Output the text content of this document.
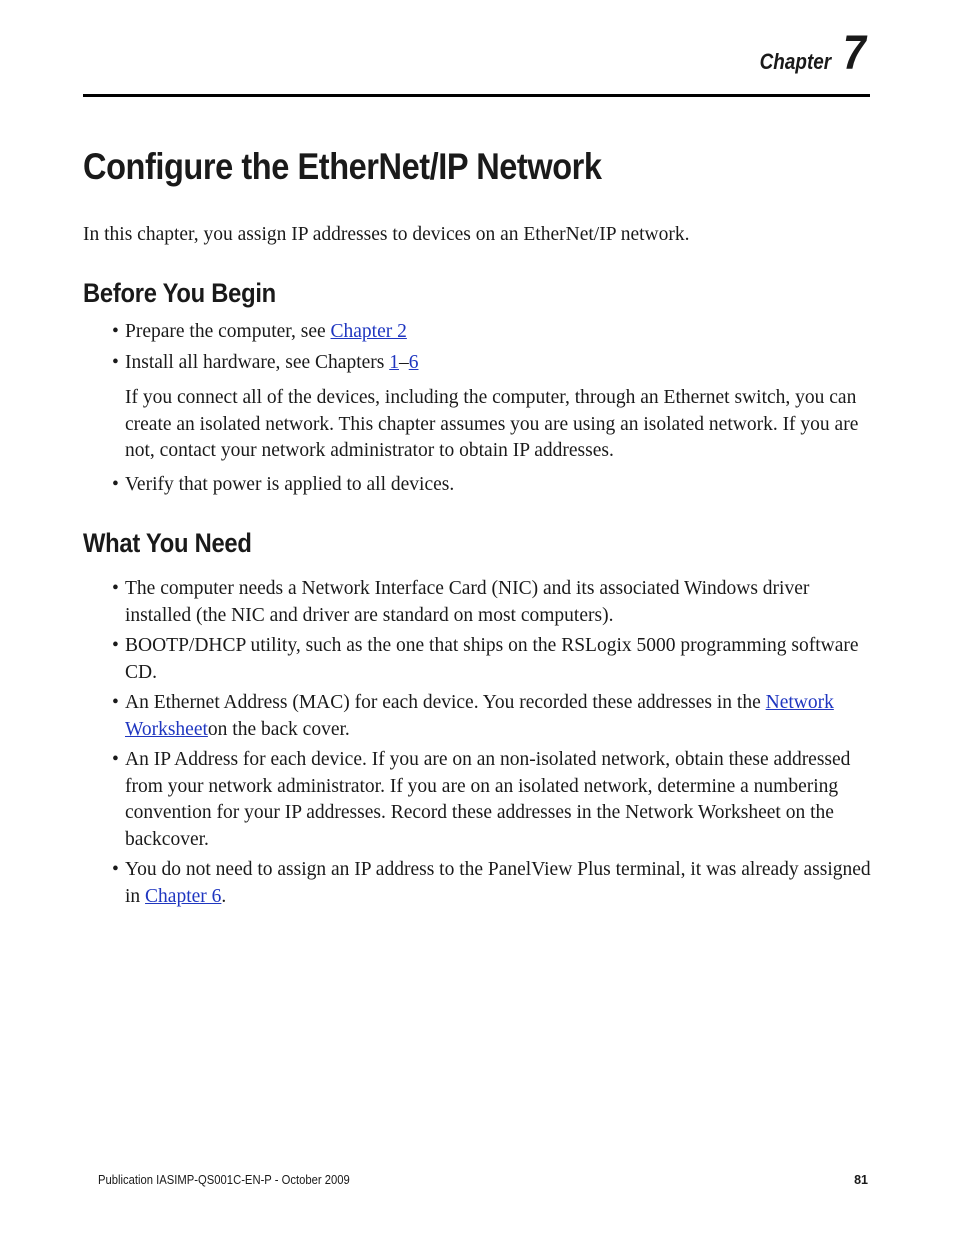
Chapter 7
Configure the EtherNet/IP Network

In this chapter, you assign IP addresses to devices on an EtherNet/IP network.

Before You Begin
• Prepare the computer, see Chapter 2
• Install all hardware, see Chapters 1–6

If you connect all of the devices, including the computer, through an Ethernet switch, you can create an isolated network. This chapter assumes you are using an isolated network. If you are not, contact your network administrator to obtain IP addresses.

• Verify that power is applied to all devices.
What You Need
• The computer needs a Network Interface Card (NIC) and its associated Windows driver installed (the NIC and driver are standard on most computers).
• BOOTP/DHCP utility, such as the one that ships on the RSLogix 5000 programming software CD.
• An Ethernet Address (MAC) for each device. You recorded these addresses in the Network Worksheeton the back cover.
• An IP Address for each device. If you are on an non-isolated network, obtain these addressed from your network administrator. If you are on an isolated network, determine a numbering convention for your IP addresses. Record these addresses in the Network Worksheet on the backcover.
• You do not need to assign an IP address to the PanelView Plus terminal, it was already assigned in Chapter 6.
Publication IASIMP-QS001C-EN-P - October 2009	81
